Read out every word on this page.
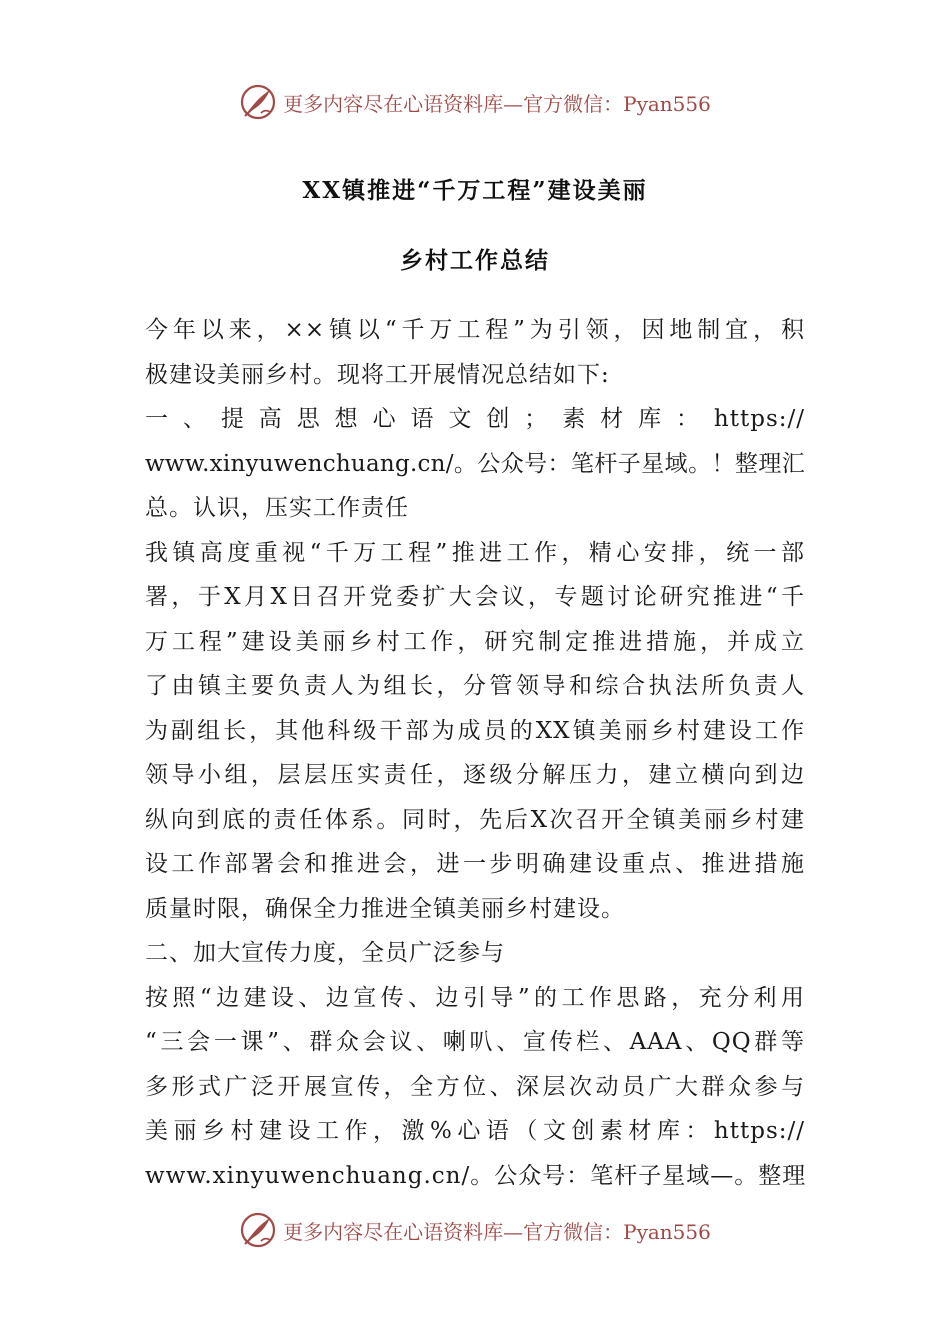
更多内容尽在心语资料库—官方微信：Pyan556
XX镇推进“千万工程”建设美丽
乡村工作总结
今年以来，××镇以“千万工程”为引领，因地制宜，积
极建设美丽乡村。现将工开展情况总结如下:
一、提高思想心语文创；素材库：https://
www.xinyuwenchuang.cn/。公众号：笔杆子星域。！整理汇
总。认识，压实工作责任
我镇高度重视“千万工程”推进工作，精心安排，统一部
署，于X月X日召开党委扩大会议，专题讨论研究推进“千
万工程”建设美丽乡村工作，研究制定推进措施，并成立
了由镇主要负责人为组长，分管领导和综合执法所负责人
为副组长，其他科级干部为成员的XX镇美丽乡村建设工作
领导小组，层层压实责任，逐级分解压力，建立横向到边
纵向到底的责任体系。同时，先后X次召开全镇美丽乡村建
设工作部署会和推进会，进一步明确建设重点、推进措施
质量时限，确保全力推进全镇美丽乡村建设。
二、加大宣传力度，全员广泛参与
按照“边建设、边宣传、边引导”的工作思路，充分利用
“三会一课”、群众会议、喇叭、宣传栏、AAA、QQ群等
多形式广泛开展宣传，全方位、深层次动员广大群众参与
美丽乡村建设工作，激%心语（文创素材库：https://
www.xinyuwenchuang.cn/。公众号：笔杆子星域—。整理
更多内容尽在心语资料库—官方微信：Pyan556
